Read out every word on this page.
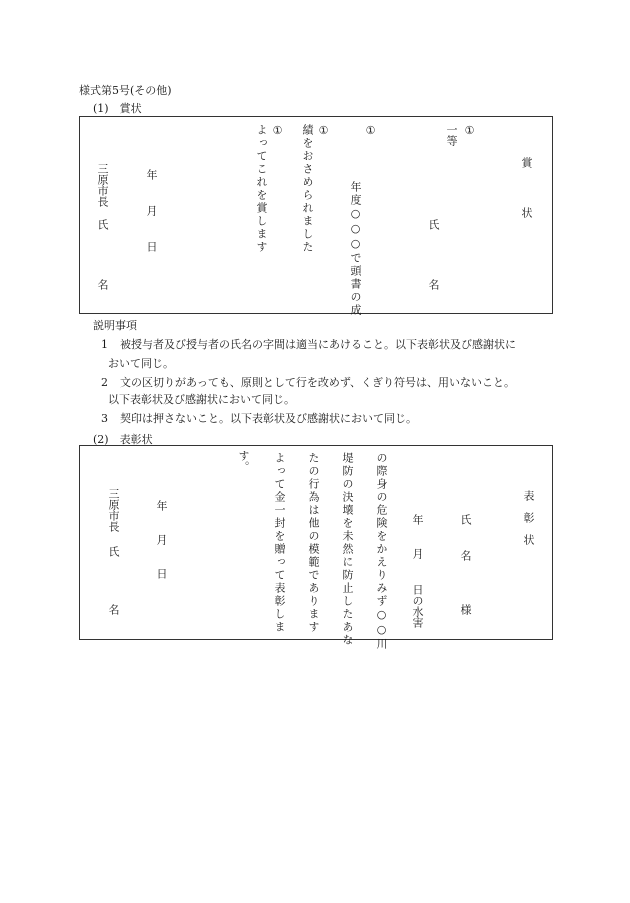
様式第5号(その他)
(1)　賞状
賞　状
①
一等
氏
名
①
年度○○○で頭書の成
①
績をおさめられました
①
よってこれを賞します
年
月
日
三原市長
氏
名
説明事項
1 被授与者及び授与者の氏名の字間は適当にあけること。以下表彰状及び感謝状に
おいて同じ。
2 文の区切りがあっても、原則として行を改めず、くぎり符号は、用いないこと。
以下表彰状及び感謝状において同じ。
3 契印は押さないこと。以下表彰状及び感謝状において同じ。
(2)　表彰状
表彰状
氏
名
様
年
月
日の水害
の際身の危険をかえりみず○○川
堤防の決壊を未然に防止したあな
たの行為は他の模範であります
よって金一封を贈って表彰しま
す。
年
月
日
三原市長
氏
名
